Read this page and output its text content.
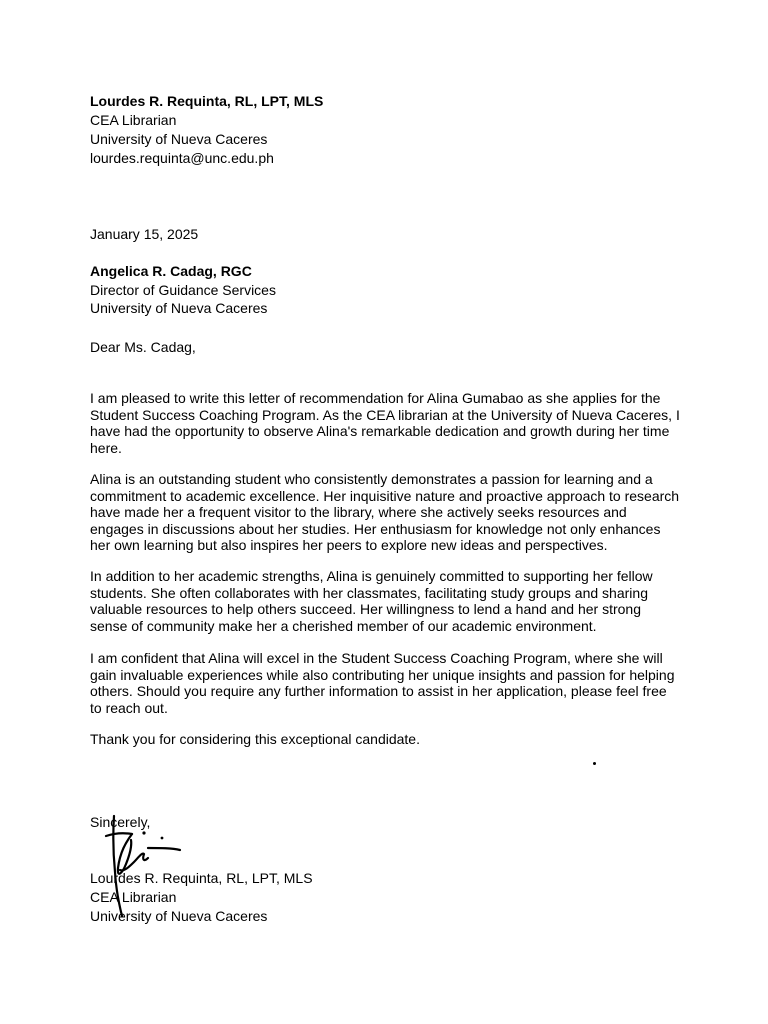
Lourdes R. Requinta, RL, LPT, MLS
CEA Librarian
University of Nueva Caceres
lourdes.requinta@unc.edu.ph
January 15, 2025
Angelica R. Cadag, RGC
Director of Guidance Services
University of Nueva Caceres
Dear Ms. Cadag,
I am pleased to write this letter of recommendation for Alina Gumabao as she applies for the Student Success Coaching Program. As the CEA librarian at the University of Nueva Caceres, I have had the opportunity to observe Alina's remarkable dedication and growth during her time here.
Alina is an outstanding student who consistently demonstrates a passion for learning and a commitment to academic excellence. Her inquisitive nature and proactive approach to research have made her a frequent visitor to the library, where she actively seeks resources and engages in discussions about her studies. Her enthusiasm for knowledge not only enhances her own learning but also inspires her peers to explore new ideas and perspectives.
In addition to her academic strengths, Alina is genuinely committed to supporting her fellow students. She often collaborates with her classmates, facilitating study groups and sharing valuable resources to help others succeed. Her willingness to lend a hand and her strong sense of community make her a cherished member of our academic environment.
I am confident that Alina will excel in the Student Success Coaching Program, where she will gain invaluable experiences while also contributing her unique insights and passion for helping others. Should you require any further information to assist in her application, please feel free to reach out.
Thank you for considering this exceptional candidate.
Sincerely,
Lourdes R. Requinta, RL, LPT, MLS
CEA Librarian
University of Nueva Caceres
